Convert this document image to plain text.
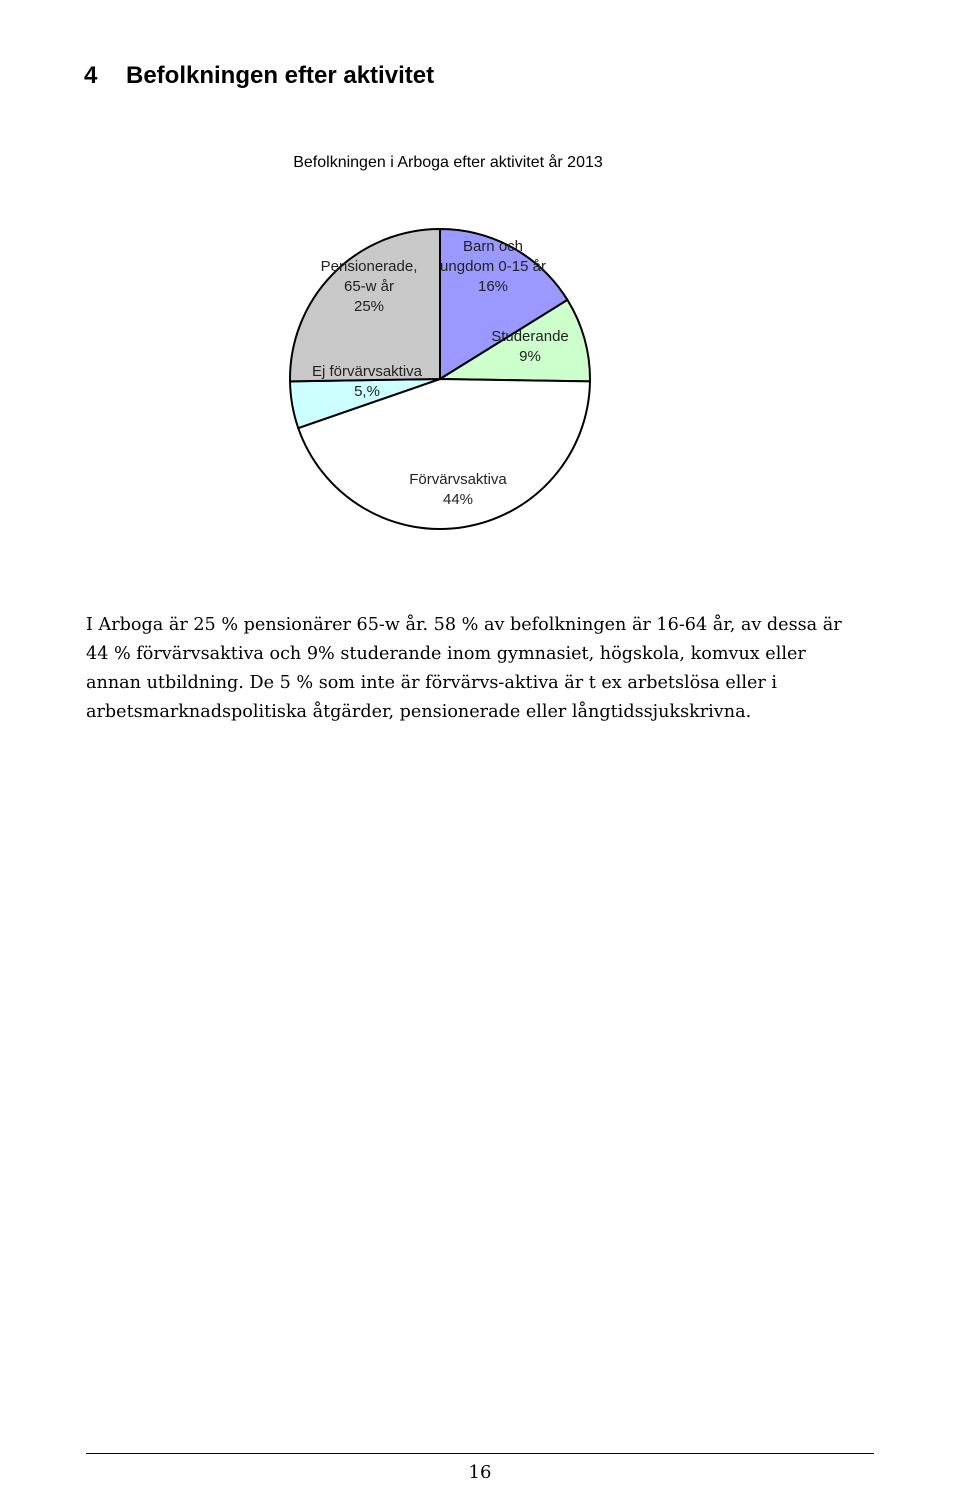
4 Befolkningen efter aktivitet
Befolkningen i Arboga efter aktivitet år 2013
Barn och ungdom 0-15 år 16%
Studerande 9%
Förvärvsaktiva 44%
Ej förvärvsaktiva 5,%
Pensionerade, 65-w år 25%

I Arboga är 25 % pensionärer 65-w år. 58 % av befolkningen är 16-64 år, av dessa är 44 % förvärvsaktiva och 9% studerande inom gymnasiet, högskola, komvux eller annan utbildning. De 5 % som inte är förvärvs-aktiva är t ex arbetslösa eller i arbetsmarknadspolitiska åtgärder, pensionerade eller långtidssjukskrivna.

16
